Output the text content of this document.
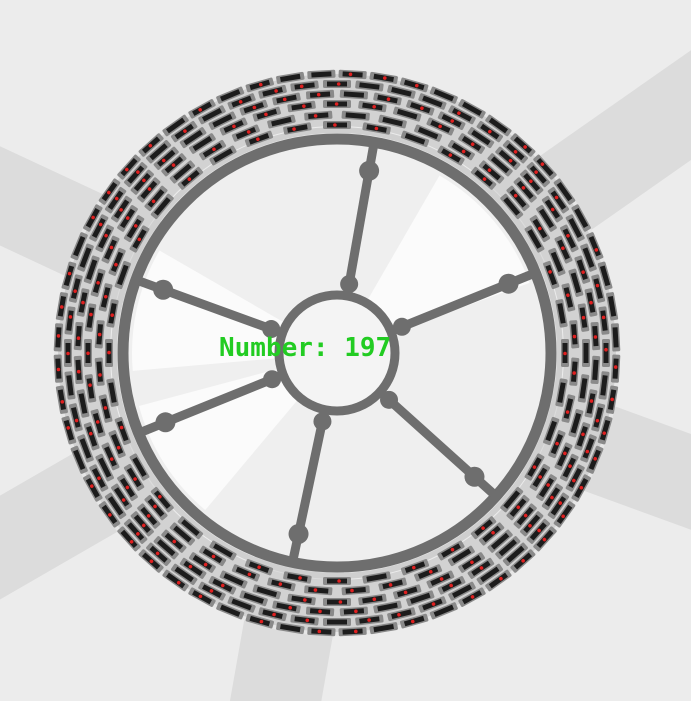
Number: 197
